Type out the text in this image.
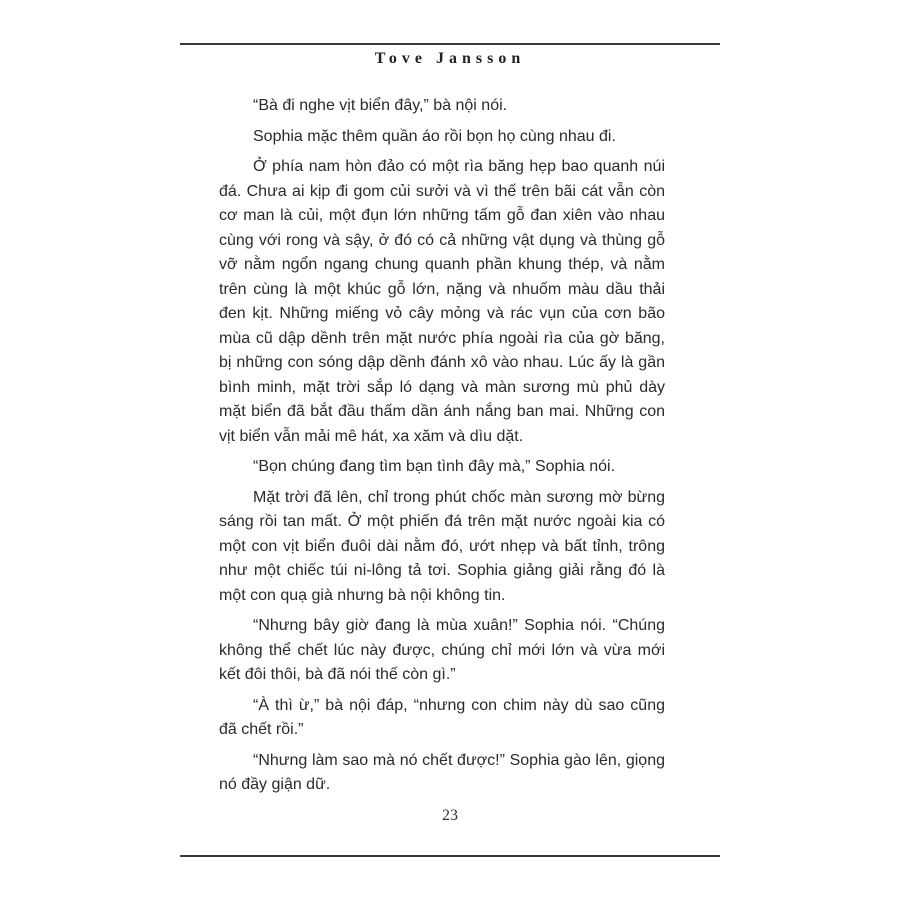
Tove Jansson

“Bà đi nghe vịt biển đây,” bà nội nói.

Sophia mặc thêm quần áo rồi bọn họ cùng nhau đi.

Ở phía nam hòn đảo có một rìa băng hẹp bao quanh núi đá. Chưa ai kịp đi gom củi sưởi và vì thế trên bãi cát vẫn còn cơ man là củi, một đụn lớn những tấm gỗ đan xiên vào nhau cùng với rong và sậy, ở đó có cả những vật dụng và thùng gỗ vỡ nằm ngổn ngang chung quanh phần khung thép, và nằm trên cùng là một khúc gỗ lớn, nặng và nhuốm màu dầu thải đen kịt. Những miếng vỏ cây mỏng và rác vụn của cơn bão mùa cũ dập dềnh trên mặt nước phía ngoài rìa của gờ băng, bị những con sóng dập dềnh đánh xô vào nhau. Lúc ấy là gần bình minh, mặt trời sắp ló dạng và màn sương mù phủ dày mặt biển đã bắt đầu thấm dần ánh nắng ban mai. Những con vịt biển vẫn mải mê hát, xa xăm và dìu dặt.

“Bọn chúng đang tìm bạn tình đây mà,” Sophia nói.

Mặt trời đã lên, chỉ trong phút chốc màn sương mờ bừng sáng rồi tan mất. Ở một phiến đá trên mặt nước ngoài kia có một con vịt biển đuôi dài nằm đó, ướt nhẹp và bất tỉnh, trông như một chiếc túi ni-lông tả tơi. Sophia giảng giải rằng đó là một con quạ già nhưng bà nội không tin.

“Nhưng bây giờ đang là mùa xuân!” Sophia nói. “Chúng không thể chết lúc này được, chúng chỉ mới lớn và vừa mới kết đôi thôi, bà đã nói thế còn gì.”

“À thì ừ,” bà nội đáp, “nhưng con chim này dù sao cũng đã chết rồi.”

“Nhưng làm sao mà nó chết được!” Sophia gào lên, giọng nó đầy giận dữ.

23
